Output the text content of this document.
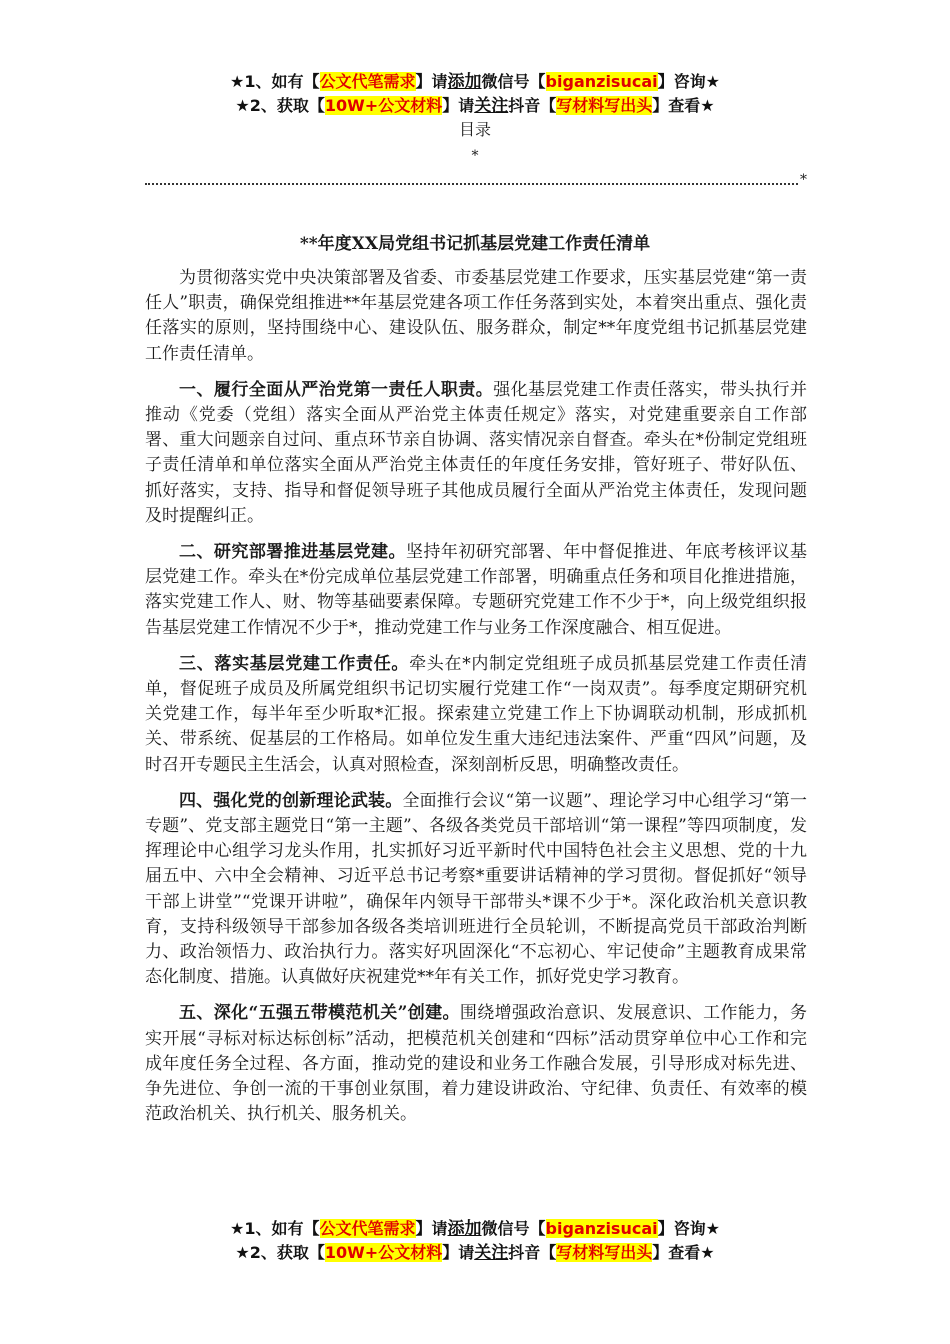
★1、如有【公文代笔需求】请添加微信号【biganzisucai】咨询★
★2、获取【10W+公文材料】请关注抖音【写材料写出头】查看★
目录
*
*
**年度XX局党组书记抓基层党建工作责任清单

为贯彻落实党中央决策部署及省委、市委基层党建工作要求，压实基层党建“第一责任人”职责，确保党组推进**年基层党建各项工作任务落到实处，本着突出重点、强化责任落实的原则，坚持围绕中心、建设队伍、服务群众，制定**年度党组书记抓基层党建工作责任清单。

一、履行全面从严治党第一责任人职责。强化基层党建工作责任落实，带头执行并推动《党委（党组）落实全面从严治党主体责任规定》落实，对党建重要亲自工作部署、重大问题亲自过问、重点环节亲自协调、落实情况亲自督查。牵头在*份制定党组班子责任清单和单位落实全面从严治党主体责任的年度任务安排，管好班子、带好队伍、抓好落实，支持、指导和督促领导班子其他成员履行全面从严治党主体责任，发现问题及时提醒纠正。

二、研究部署推进基层党建。坚持年初研究部署、年中督促推进、年底考核评议基层党建工作。牵头在*份完成单位基层党建工作部署，明确重点任务和项目化推进措施，落实党建工作人、财、物等基础要素保障。专题研究党建工作不少于*，向上级党组织报告基层党建工作情况不少于*，推动党建工作与业务工作深度融合、相互促进。

三、落实基层党建工作责任。牵头在*内制定党组班子成员抓基层党建工作责任清单，督促班子成员及所属党组织书记切实履行党建工作“一岗双责”。每季度定期研究机关党建工作，每半年至少听取*汇报。探索建立党建工作上下协调联动机制，形成抓机关、带系统、促基层的工作格局。如单位发生重大违纪违法案件、严重“四风”问题，及时召开专题民主生活会，认真对照检查，深刻剖析反思，明确整改责任。

四、强化党的创新理论武装。全面推行会议“第一议题”、理论学习中心组学习“第一专题”、党支部主题党日“第一主题”、各级各类党员干部培训“第一课程”等四项制度，发挥理论中心组学习龙头作用，扎实抓好习近平新时代中国特色社会主义思想、党的十九届五中、六中全会精神、习近平总书记考察*重要讲话精神的学习贯彻。督促抓好“领导干部上讲堂”“党课开讲啦”，确保年内领导干部带头*课不少于*。深化政治机关意识教育，支持科级领导干部参加各级各类培训班进行全员轮训，不断提高党员干部政治判断力、政治领悟力、政治执行力。落实好巩固深化“不忘初心、牢记使命”主题教育成果常态化制度、措施。认真做好庆祝建党**年有关工作，抓好党史学习教育。

五、深化“五强五带模范机关”创建。围绕增强政治意识、发展意识、工作能力，务实开展“寻标对标达标创标”活动，把模范机关创建和“四标”活动贯穿单位中心工作和完成年度任务全过程、各方面，推动党的建设和业务工作融合发展，引导形成对标先进、争先进位、争创一流的干事创业氛围，着力建设讲政治、守纪律、负责任、有效率的模范政治机关、执行机关、服务机关。

★1、如有【公文代笔需求】请添加微信号【biganzisucai】咨询★
★2、获取【10W+公文材料】请关注抖音【写材料写出头】查看★
